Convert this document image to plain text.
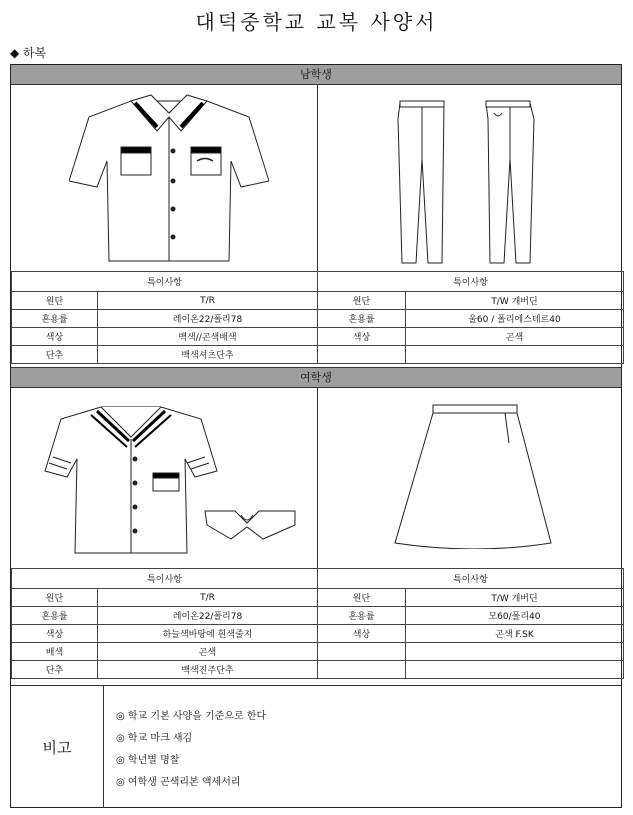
대덕중학교 교복 사양서
◆ 하복
남학생
특이사항		특이사항	
원단	T/R	원단	T/W 개버딘
혼용률	레이온22/폴리78	혼용률	울60 / 폴리에스테르40
색상	백색//곤색배색	색상	곤색
단추	백색셔츠단추		
여학생
특이사항		특이사항	
원단	T/R	원단	T/W 개버딘
혼용률	레이온22/폴리78	혼용률	모60/폴리40
색상	하늘색바탕에 흰색줄지	색상	곤색 F.SK
배색	곤색		
단추	백색진주단추		
비고
◎ 학교 기본 사양을 기준으로 한다
◎ 학교 마크 새김
◎ 학년별 명찰
◎ 여학생 곤색리본 액세서리
